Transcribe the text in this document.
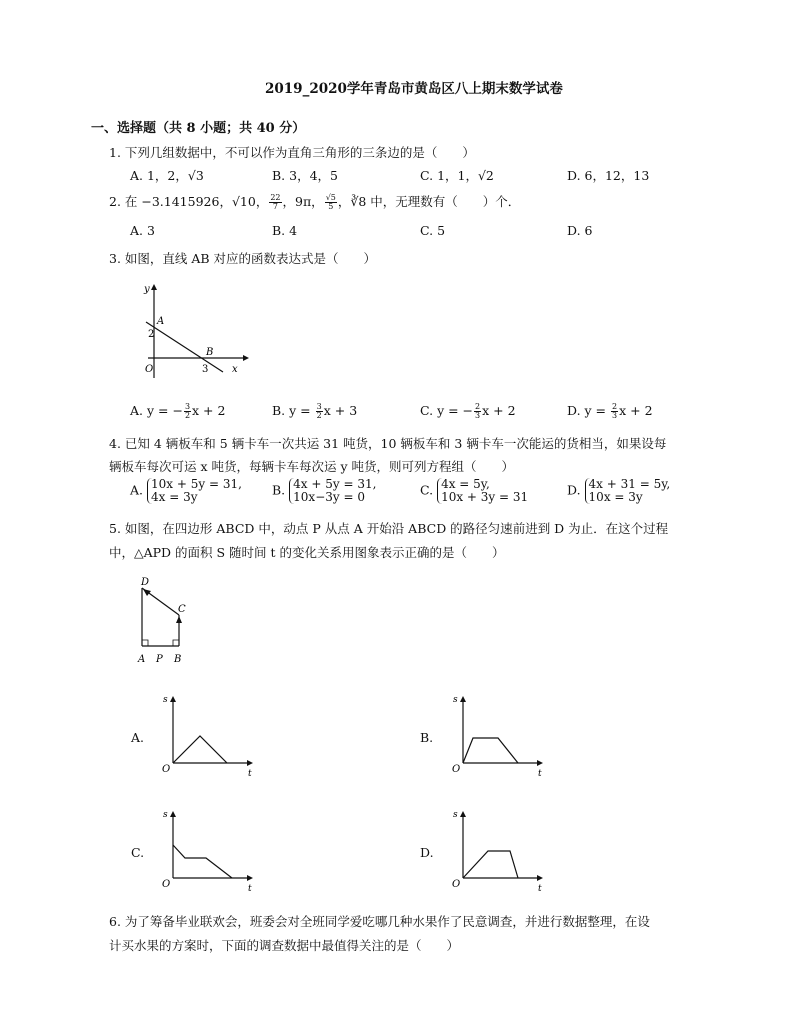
2019_2020学年青岛市黄岛区八上期末数学试卷
一、选择题（共 8 小题；共 40 分）
1. 下列几组数据中，不可以作为直角三角形的三条边的是（　　）
A. 1，2，√3	B. 3，4，5	C. 1，1，√2	D. 6，12，13
2. 在 −3.1415926，√10， $\frac{22}{7}$ ，9π， $\frac{√5}{5}$ ，∛8 中，无理数有（　　）个．
A. 3	B. 4	C. 5	D. 6
3. 如图，直线 AB 对应的函数表达式是（　　）
y
x
O
A
2
B
3
A. y = − $\frac{3}{2}$ x + 2	B. $y = \frac{3}{2}$ x + 3	C. y = − $\frac{2}{3}$ x + 2	D. $y = \frac{2}{3}$ x + 2
4. 已知 4 辆板车和 5 辆卡车一次共运 31 吨货，10 辆板车和 3 辆卡车一次能运的货相当，如果设每
辆板车每次可运 x 吨货，每辆卡车每次运 y 吨货，则可列方程组（　　）
A. 10x + 5y = 31,
4x = 3y	B. 4x + 5y = 31,
10x−3y = 0	C. 4x = 5y,
10x + 3y = 31	D. 4x + 31 = 5y,
10x = 3y
5. 如图，在四边形 ABCD 中，动点 P 从点 A 开始沿 ABCD 的路径匀速前进到 D 为止．在这个过程
中，△APD 的面积 S 随时间 t 的变化关系用图象表示正确的是（　　）
D
C
A P B
A.
s
t
O
B.
s
t
O
C.
s
t
O
D.
s
t
O
6. 为了筹备毕业联欢会，班委会对全班同学爱吃哪几种水果作了民意调查，并进行数据整理，在设
计买水果的方案时，下面的调查数据中最值得关注的是（　　）
